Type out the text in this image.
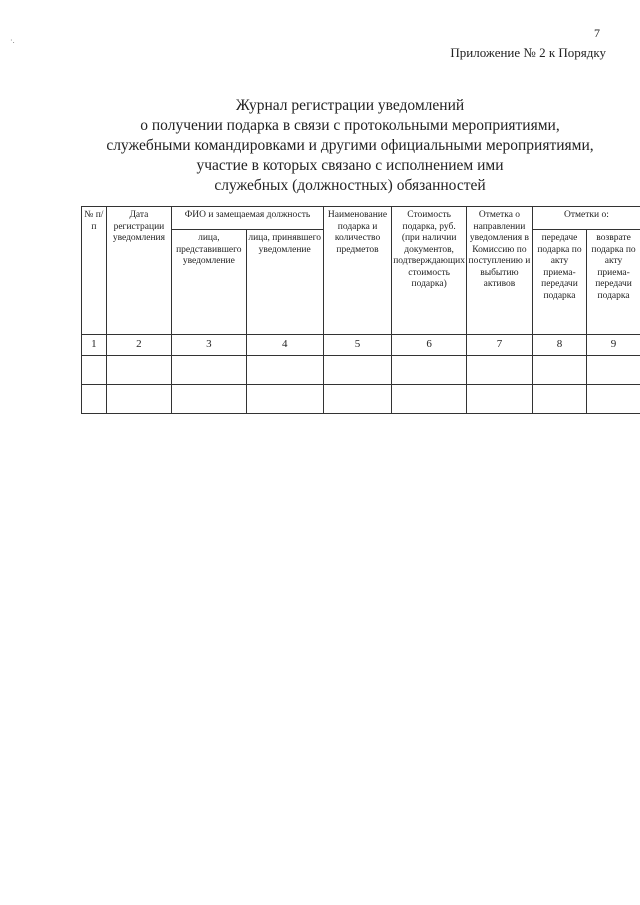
·.
7
Приложение № 2 к Порядку
Журнал регистрации уведомлений
о получении подарка в связи с протокольными мероприятиями,
служебными командировками и другими официальными мероприятиями,
участие в которых связано с исполнением ими
служебных (должностных) обязанностей
№ п/п	Дата регистрации уведомления	ФИО и замещаемая должность		Наименование подарка и количество предметов	Стоимость подарка, руб. (при наличии документов, подтверждающих стоимость подарка)	Отметка о направлении уведомления в Комиссию по поступлению и выбытию активов	Отметки о:	
		лица, представившего уведомление	лица, принявшего уведомление				передаче подарка по акту приема-передачи подарка	возврате подарка по акту приема-передачи подарка
1	2	3	4	5	6	7	8	9
